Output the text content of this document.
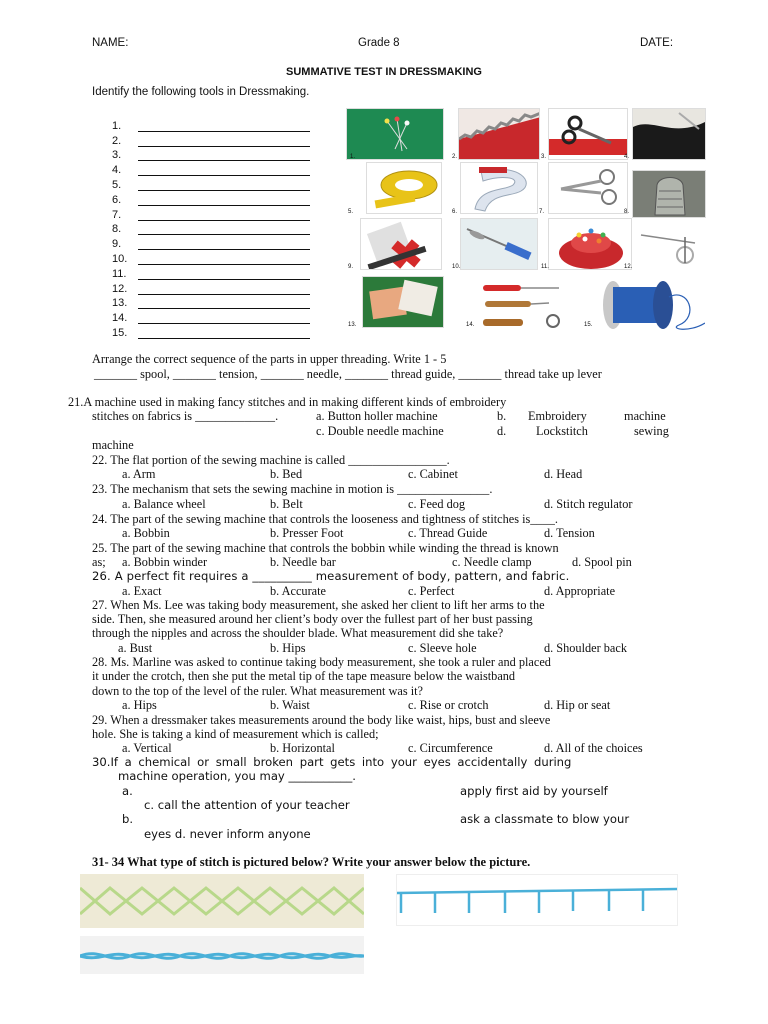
NAME:	Grade 8	DATE:
SUMMATIVE TEST IN DRESSMAKING
Identify the following tools in Dressmaking.
1.
2.
3.
4.
5.
6.
7.
8.
9.
10.
11.
12.
13.
14.
15.
1.	2.	3.	4.
5.	6.	7.	8.
9.	10.	11.	12.
13.	14.	15.
Arrange the correct sequence of the parts in upper threading. Write 1 - 5
_______ spool, _______ tension, _______ needle, _______ thread guide, _______ thread take up lever
21.A machine used in making fancy stitches and in making different kinds of embroidery
stitches on fabrics is _____________.	a. Button holler machine	b. Embroidery	machine
c. Double needle machine	d. Lockstitch	sewing
machine
22. The flat portion of the sewing machine is called ________________.
a. Arm	b. Bed	c. Cabinet	d. Head
23. The mechanism that sets the sewing machine in motion is _______________.
a. Balance wheel	b. Belt	c. Feed dog	d. Stitch regulator
24. The part of the sewing machine that controls the looseness and tightness of stitches is____.
a. Bobbin	b. Presser Foot	c. Thread Guide	d. Tension
25. The part of the sewing machine that controls the bobbin while winding the thread is known
as; a. Bobbin winder	b. Needle bar	c. Needle clamp	d. Spool pin
26. A perfect fit requires a __________ measurement of body, pattern, and fabric.
a. Exact	b. Accurate	c. Perfect	d. Appropriate
27. When Ms. Lee was taking body measurement, she asked her client to lift her arms to the
side. Then, she measured around her client’s body over the fullest part of her bust passing
through the nipples and across the shoulder blade. What measurement did she take?
a. Bust	b. Hips	c. Sleeve hole	d. Shoulder back
28. Ms. Marline was asked to continue taking body measurement, she took a ruler and placed
it under the crotch, then she put the metal tip of the tape measure below the waistband
down to the top of the level of the ruler. What measurement was it?
a. Hips	b. Waist	c. Rise or crotch	d. Hip or seat
29. When a dressmaker takes measurements around the body like waist, hips, bust and sleeve
hole. She is taking a kind of measurement which is called;
a. Vertical	b. Horizontal	c. Circumference	d. All of the choices
30.If a chemical or small broken part gets into your eyes accidentally during
machine operation, you may ___________.
a.	apply first aid by yourself
c. call the attention of your teacher
b.	ask a classmate to blow your
eyes d. never inform anyone
31- 34 What type of stitch is pictured below? Write your answer below the picture.
